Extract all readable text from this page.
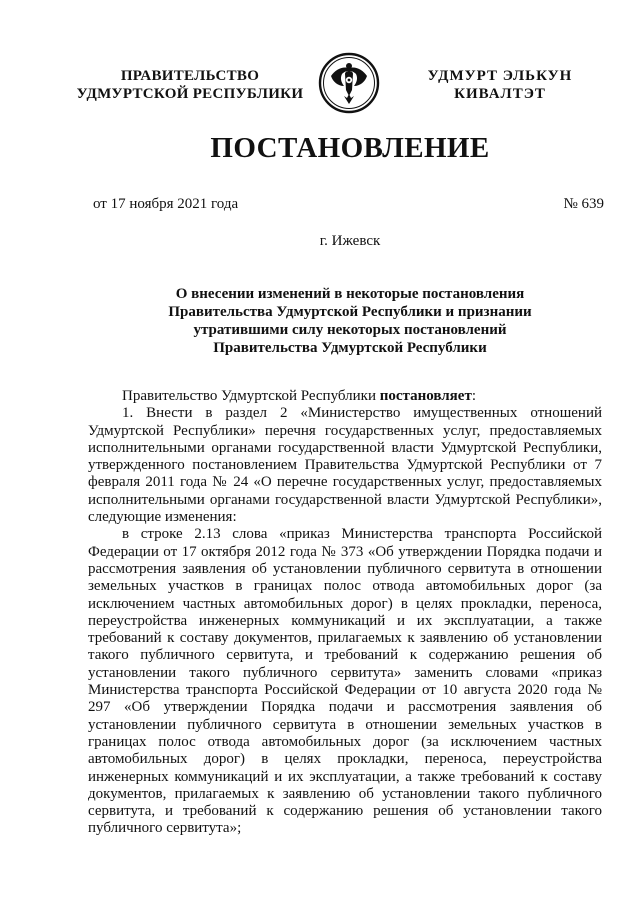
ПРАВИТЕЛЬСТВО
УДМУРТСКОЙ РЕСПУБЛИКИ
УДМУРТ ЭЛЬКУН
КИВАЛТЭТ
ПОСТАНОВЛЕНИЕ
от 17 ноября 2021 года	№ 639
г. Ижевск
О внесении изменений в некоторые постановления Правительства Удмуртской Республики и признании утратившими силу некоторых постановлений Правительства Удмуртской Республики

Правительство Удмуртской Республики постановляет:

1. Внести в раздел 2 «Министерство имущественных отношений Удмуртской Республики» перечня государственных услуг, предоставляемых исполнительными органами государственной власти Удмуртской Республики, утвержденного постановлением Правительства Удмуртской Республики от 7 февраля 2011 года № 24 «О перечне государственных услуг, предоставляемых исполнительными органами государственной власти Удмуртской Республики», следующие изменения:

в строке 2.13 слова «приказ Министерства транспорта Российской Федерации от 17 октября 2012 года № 373 «Об утверждении Порядка подачи и рассмотрения заявления об установлении публичного сервитута в отношении земельных участков в границах полос отвода автомобильных дорог (за исключением частных автомобильных дорог) в целях прокладки, переноса, переустройства инженерных коммуникаций и их эксплуатации, а также требований к составу документов, прилагаемых к заявлению об установлении такого публичного сервитута, и требований к содержанию решения об установлении такого публичного сервитута» заменить словами «приказ Министерства транспорта Российской Федерации от 10 августа 2020 года № 297 «Об утверждении Порядка подачи и рассмотрения заявления об установлении публичного сервитута в отношении земельных участков в границах полос отвода автомобильных дорог (за исключением частных автомобильных дорог) в целях прокладки, переноса, переустройства инженерных коммуникаций и их эксплуатации, а также требований к составу документов, прилагаемых к заявлению об установлении такого публичного сервитута, и требований к содержанию решения об установлении такого публичного сервитута»;
